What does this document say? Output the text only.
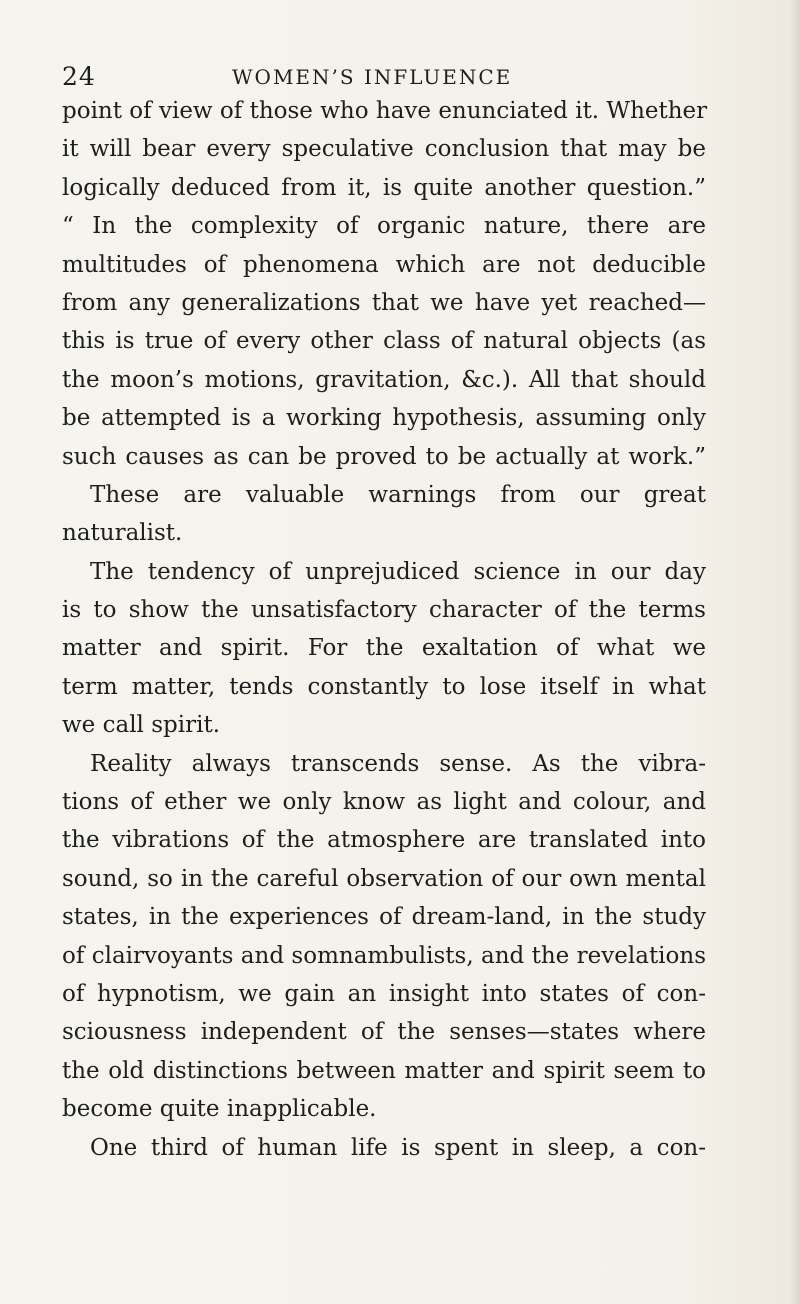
24	WOMEN’S INFLUENCE
point of view of those who have enunciated it. Whether
it will bear every speculative conclusion that may be
logically deduced from it, is quite another question.”
“ In the complexity of organic nature, there are
multitudes of phenomena which are not deducible
from any generalizations that we have yet reached—
this is true of every other class of natural objects (as
the moon’s motions, gravitation, &c.). All that should
be attempted is a working hypothesis, assuming only
such causes as can be proved to be actually at work.”
These are valuable warnings from our great
naturalist.
The tendency of unprejudiced science in our day
is to show the unsatisfactory character of the terms
matter and spirit. For the exaltation of what we
term matter, tends constantly to lose itself in what
we call spirit.
Reality always transcends sense. As the vibra-
tions of ether we only know as light and colour, and
the vibrations of the atmosphere are translated into
sound, so in the careful observation of our own mental
states, in the experiences of dream-land, in the study
of clairvoyants and somnambulists, and the revelations
of hypnotism, we gain an insight into states of con-
sciousness independent of the senses—states where
the old distinctions between matter and spirit seem to
become quite inapplicable.
One third of human life is spent in sleep, a con-
